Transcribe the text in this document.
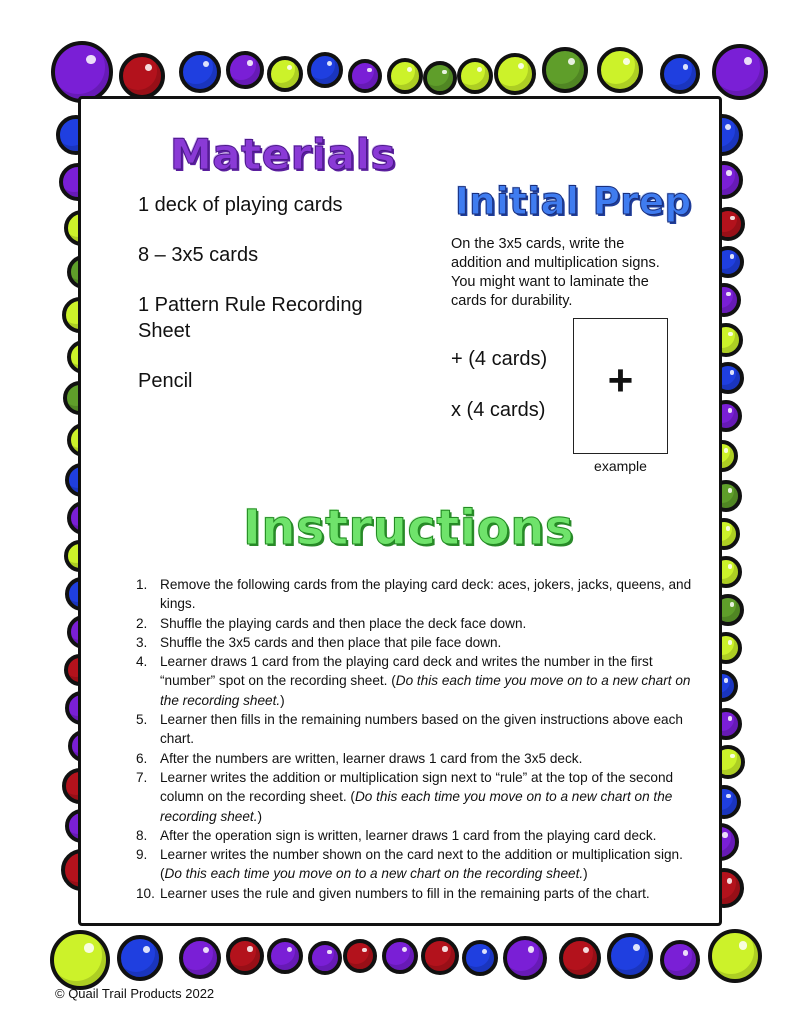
Materials

1 deck of playing cards

8 – 3x5 cards

1 Pattern Rule Recording Sheet

Pencil

Initial Prep

On the 3x5 cards, write the addition and multiplication signs. You might want to laminate the cards for durability.

+ (4 cards)

x (4 cards)

+
example
Instructions
1. Remove the following cards from the playing card deck: aces, jokers, jacks, queens, and kings.
2. Shuffle the playing cards and then place the deck face down.
3. Shuffle the 3x5 cards and then place that pile face down.
4. Learner draws 1 card from the playing card deck and writes the number in the first “number” spot on the recording sheet. (Do this each time you move on to a new chart on the recording sheet.)
5. Learner then fills in the remaining numbers based on the given instructions above each chart.
6. After the numbers are written, learner draws 1 card from the 3x5 deck.
7. Learner writes the addition or multiplication sign next to “rule” at the top of the second column on the recording sheet. (Do this each time you move on to a new chart on the recording sheet.)
8. After the operation sign is written, learner draws 1 card from the playing card deck.
9. Learner writes the number shown on the card next to the addition or multiplication sign. (Do this each time you move on to a new chart on the recording sheet.)
10. Learner uses the rule and given numbers to fill in the remaining parts of the chart.

© Quail Trail Products 2022
